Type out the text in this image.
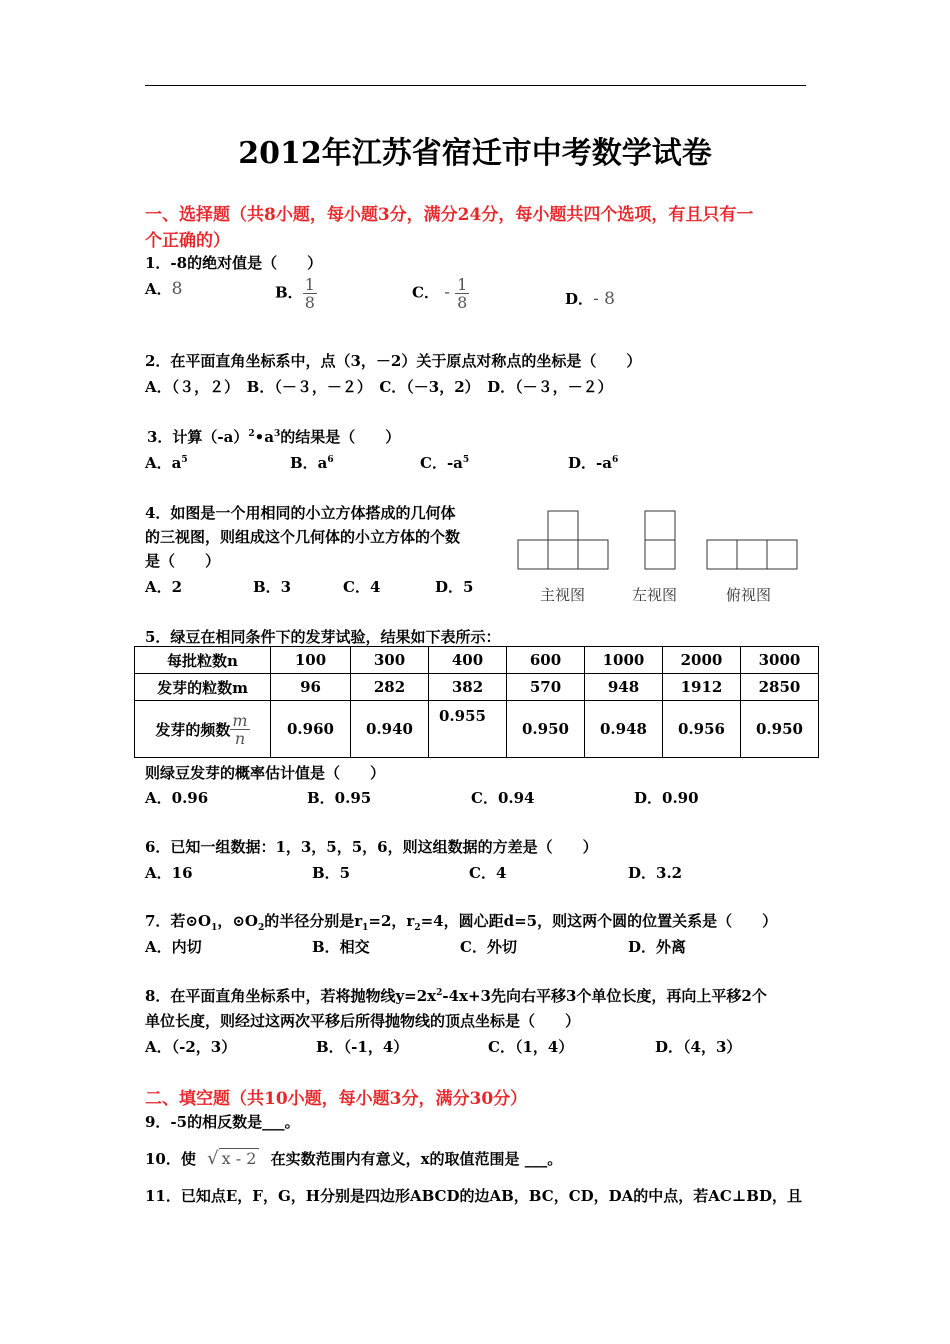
2012年江苏省宿迁市中考数学试卷
一、选择题（共8小题，每小题3分，满分24分，每小题共四个选项，有且只有一
个正确的）
1．-8的绝对值是（　　）
A．8	B． $\frac{1}{8}$	C． - $\frac{1}{8}$	D．- 8
2．在平面直角坐标系中，点（3，－2）关于原点对称点的坐标是（　　）
A．（３，２）　B．（－３，－２）　C．（－3，2）　D．（－３，－２）
3．计算$(-a)^2•a^3$的结果是（　　）
A．$a^5$	B．$a^6$	C．$-a^5$	D．$-a^6$
4．如图是一个用相同的小立方体搭成的几何体
的三视图，则组成这个几何体的小立方体的个数
是（　　）
A．2	B．3	C．4	D．5	主视图	左视图	俯视图
5．绿豆在相同条件下的发芽试验，结果如下表所示：
每批粒数n	100	300	400	600	1000	2000	3000
发芽的粒数m	96	282	382	570	948	1912	2850
发芽的频数 $\frac{m}{n}$	0.960	0.940	0.955	0.950	0.948	0.956	0.950
则绿豆发芽的概率估计值是（　　）
A．0.96	B．0.95	C．0.94	D．0.90
6．已知一组数据：1，3，5，5，6，则这组数据的方差是（　　）
A．16	B．5	C．4	D．3.2
7．若$⊙O_1$，$⊙O_2$的半径分别是$r_1=2$，$r_2=4$，圆心距d=5，则这两个圆的位置关系是（　　）
A．内切	B．相交	C．外切	D．外离
8．在平面直角坐标系中，若将抛物线$y=2x^2-4x+3$先向右平移3个单位长度，再向上平移2个
单位长度，则经过这两次平移后所得抛物线的顶点坐标是（　　）
A．（-2，3）	B．（-1，4）	C．（1，4）	D．（4，3）
二、填空题（共10小题，每小题3分，满分30分）
9．-5的相反数是___。
10．使 √ x - 2 在实数范围内有意义，x的取值范围是 ___。
11．已知点E，F，G，H分别是四边形ABCD的边AB，BC，CD，DA的中点，若AC⊥BD，且
